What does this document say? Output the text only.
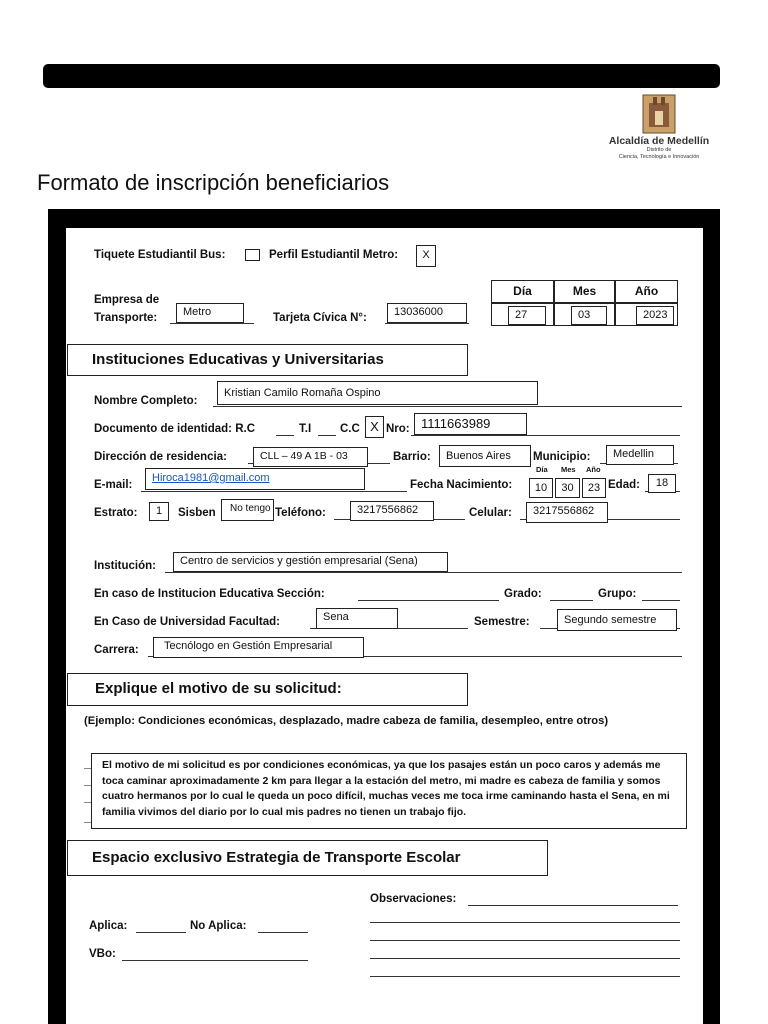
Alcaldía de Medellín
Distrito de
Ciencia, Tecnología e Innovación
Formato de inscripción beneficiarios
Tiquete Estudiantil Bus:	Perfil Estudiantil Metro:	X
Empresa de
Transporte:	Metro	Tarjeta Cívica N°:	13036000
Día	Mes	Año
27	03	2023
Instituciones Educativas y Universitarias
Nombre Completo:
Kristian Camilo Romaña Ospino
Documento de identidad: R.C	T.I	C.C X Nro: 1111663989
Dirección de residencia:	CLL – 49 A 1B - 03	Barrio:	Buenos Aires	Municipio:	Medellin
E-mail:
Hiroca1981@gmail.com
Fecha Nacimiento:
Día Mes Año
10	30	23 Edad:	18
Estrato:	1	Sisben	No tengo Teléfono:	3217556862	Celular:	3217556862
Institución:	Centro de servicios y gestión empresarial (Sena)
En caso de Institucion Educativa Sección:	Grado:	Grupo:
En Caso de Universidad Facultad:	Sena	Semestre:	Segundo semestre
Carrera:	Tecnólogo en Gestión Empresarial
Explique el motivo de su solicitud:
(Ejemplo: Condiciones económicas, desplazado, madre cabeza de familia, desempleo, entre otros)
El motivo de mi solicitud es por condiciones económicas, ya que los pasajes están un poco caros y además me toca caminar aproximadamente 2 km para llegar a la estación del metro, mi madre es cabeza de familia y somos cuatro hermanos por lo cual le queda un poco difícil, muchas veces me toca irme caminando hasta el Sena, en mi familia vivimos del diario por lo cual mis padres no tienen un trabajo fijo.
Espacio exclusivo Estrategia de Transporte Escolar
Observaciones:
Aplica:	No Aplica:
VBo:
